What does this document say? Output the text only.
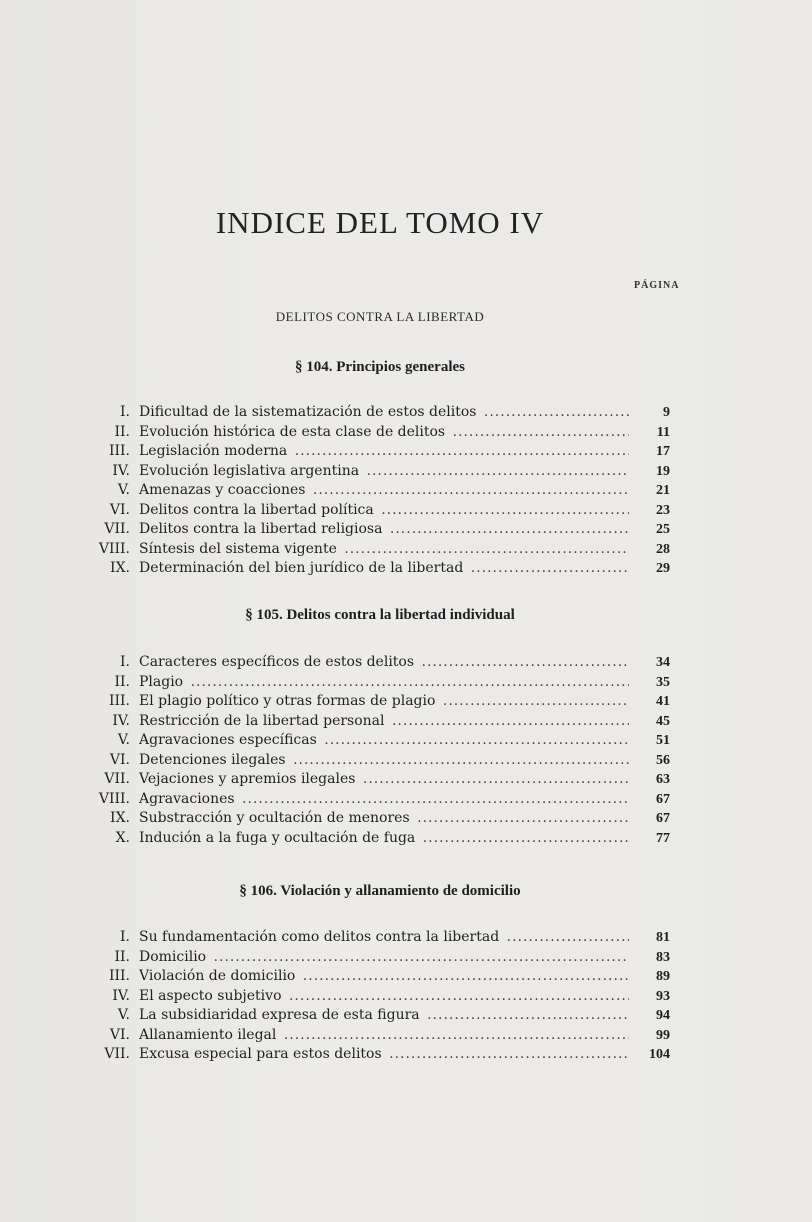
INDICE DEL TOMO IV
PÁGINA
DELITOS CONTRA LA LIBERTAD
§ 104. Principios generales
I. Dificultad de la sistematización de estos delitos .....	9
II. Evolución histórica de esta clase de delitos .....	11
III. Legislación moderna .....	17
IV. Evolución legislativa argentina .....	19
V. Amenazas y coacciones .....	21
VI. Delitos contra la libertad política .....	23
VII. Delitos contra la libertad religiosa .....	25
VIII. Síntesis del sistema vigente .....	28
IX. Determinación del bien jurídico de la libertad .....	29
§ 105. Delitos contra la libertad individual
I. Caracteres específicos de estos delitos .....	34
II. Plagio .....	35
III. El plagio político y otras formas de plagio .....	41
IV. Restricción de la libertad personal .....	45
V. Agravaciones específicas .....	51
VI. Detenciones ilegales .....	56
VII. Vejaciones y apremios ilegales .....	63
VIII. Agravaciones .....	67
IX. Substracción y ocultación de menores .....	67
X. Indución a la fuga y ocultación de fuga .....	77
§ 106. Violación y allanamiento de domicilio
I. Su fundamentación como delitos contra la libertad .....	81
II. Domicilio .....	83
III. Violación de domicilio .....	89
IV. El aspecto subjetivo .....	93
V. La subsidiaridad expresa de esta figura .....	94
VI. Allanamiento ilegal .....	99
VII. Excusa especial para estos delitos .....	104
